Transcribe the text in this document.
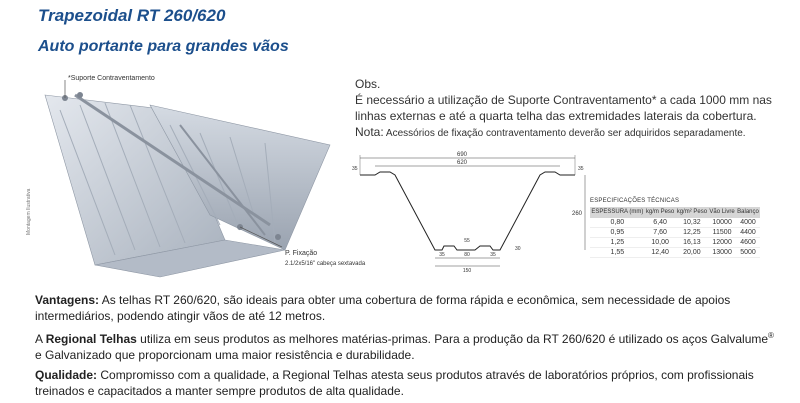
Trapezoidal RT 260/620
Auto portante para grandes vãos
*Suporte Contraventamento
P. Fixação
2.1/2x5/16" cabeça sextavada
Montagem Ilustrativa

Obs.

É necessário a utilização de Suporte Contraventamento* a cada 1000 mm nas linhas externas e até a quarta telha das extremidades laterais da cobertura.

Nota: Acessórios de fixação contraventamento deverão ser adquiridos separadamente.

690
620
35	35
260
55
30
35	80	35
150
ESPECIFICAÇÕES TÉCNICAS
ESPESSURA (mm)	kg/m Peso	kg/m² Peso	Vão Livre	Balanço
0,80	6,40	10,32	10000	4000
0,95	7,60	12,25	11500	4400
1,25	10,00	16,13	12000	4600
1,55	12,40	20,00	13000	5000

Vantagens: As telhas RT 260/620, são ideais para obter uma cobertura de forma rápida e econômica, sem necessidade de apoios intermediários, podendo atingir vãos de até 12 metros.

A Regional Telhas utiliza em seus produtos as melhores matérias-primas. Para a produção da RT 260/620 é utilizado os aços Galvalume® e Galvanizado que proporcionam uma maior resistência e durabilidade.

Qualidade: Compromisso com a qualidade, a Regional Telhas atesta seus produtos através de laboratórios próprios, com profissionais treinados e capacitados a manter sempre produtos de alta qualidade.
